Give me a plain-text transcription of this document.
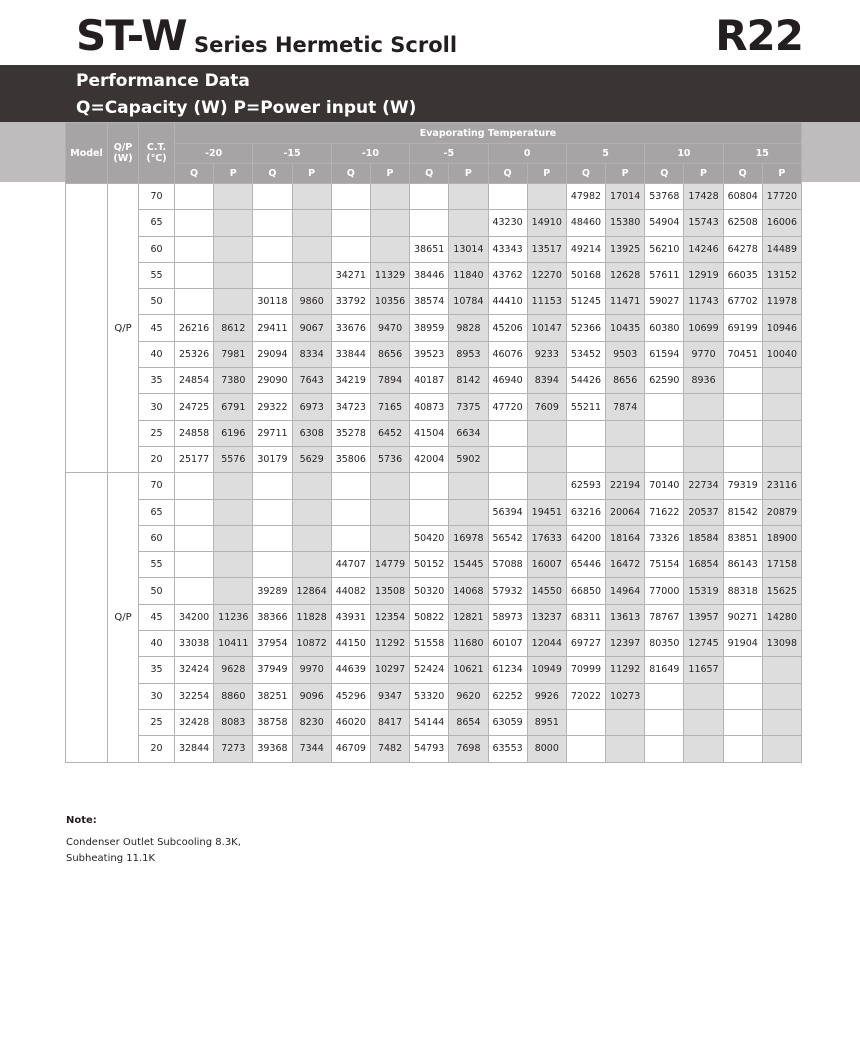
ST-W Series Hermetic Scroll	R22
Performance Data
Q=Capacity (W) P=Power input (W)
Model	Q/P (W)	C.T. (℃)	Evaporating Temperature															
			-20		-15		-10		-5		0		5		10		15	
			Q	P	Q	P	Q	P	Q	P	Q	P	Q	P	Q	P	Q	P
	Q/P	70											47982	17014	53768	17428	60804	17720
		65									43230	14910	48460	15380	54904	15743	62508	16006
		60							38651	13014	43343	13517	49214	13925	56210	14246	64278	14489
		55					34271	11329	38446	11840	43762	12270	50168	12628	57611	12919	66035	13152
		50			30118	9860	33792	10356	38574	10784	44410	11153	51245	11471	59027	11743	67702	11978
		45	26216	8612	29411	9067	33676	9470	38959	9828	45206	10147	52366	10435	60380	10699	69199	10946
		40	25326	7981	29094	8334	33844	8656	39523	8953	46076	9233	53452	9503	61594	9770	70451	10040
		35	24854	7380	29090	7643	34219	7894	40187	8142	46940	8394	54426	8656	62590	8936		
		30	24725	6791	29322	6973	34723	7165	40873	7375	47720	7609	55211	7874				
		25	24858	6196	29711	6308	35278	6452	41504	6634								
		20	25177	5576	30179	5629	35806	5736	42004	5902								
	Q/P	70											62593	22194	70140	22734	79319	23116
		65									56394	19451	63216	20064	71622	20537	81542	20879
		60							50420	16978	56542	17633	64200	18164	73326	18584	83851	18900
		55					44707	14779	50152	15445	57088	16007	65446	16472	75154	16854	86143	17158
		50			39289	12864	44082	13508	50320	14068	57932	14550	66850	14964	77000	15319	88318	15625
		45	34200	11236	38366	11828	43931	12354	50822	12821	58973	13237	68311	13613	78767	13957	90271	14280
		40	33038	10411	37954	10872	44150	11292	51558	11680	60107	12044	69727	12397	80350	12745	91904	13098
		35	32424	9628	37949	9970	44639	10297	52424	10621	61234	10949	70999	11292	81649	11657		
		30	32254	8860	38251	9096	45296	9347	53320	9620	62252	9926	72022	10273				
		25	32428	8083	38758	8230	46020	8417	54144	8654	63059	8951						
		20	32844	7273	39368	7344	46709	7482	54793	7698	63553	8000						
Note:
Condenser Outlet Subcooling 8.3K,
Subheating 11.1K
